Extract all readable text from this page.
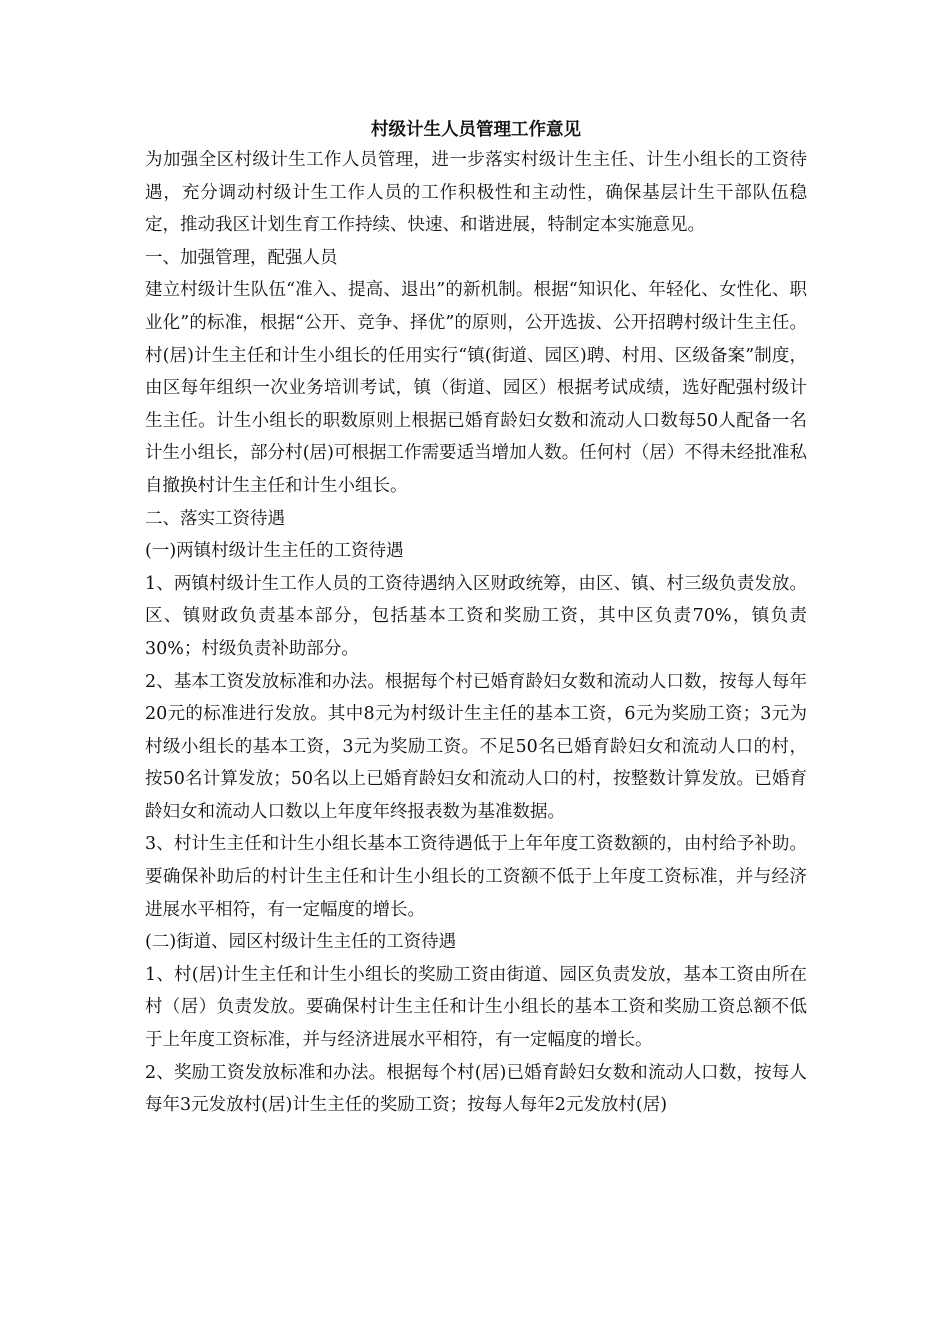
村级计生人员管理工作意见

为加强全区村级计生工作人员管理，进一步落实村级计生主任、计生小组长的工资待遇，充分调动村级计生工作人员的工作积极性和主动性，确保基层计生干部队伍稳定，推动我区计划生育工作持续、快速、和谐进展，特制定本实施意见。

一、加强管理，配强人员

建立村级计生队伍“准入、提高、退出”的新机制。根据“知识化、年轻化、女性化、职业化”的标准，根据“公开、竞争、择优”的原则，公开选拔、公开招聘村级计生主任。村(居)计生主任和计生小组长的任用实行“镇(街道、园区)聘、村用、区级备案”制度，由区每年组织一次业务培训考试，镇（街道、园区）根据考试成绩，选好配强村级计生主任。计生小组长的职数原则上根据已婚育龄妇女数和流动人口数每50人配备一名计生小组长，部分村(居)可根据工作需要适当增加人数。任何村（居）不得未经批准私自撤换村计生主任和计生小组长。

二、落实工资待遇

(一)两镇村级计生主任的工资待遇

1、两镇村级计生工作人员的工资待遇纳入区财政统筹，由区、镇、村三级负责发放。区、镇财政负责基本部分，包括基本工资和奖励工资，其中区负责70%，镇负责30%；村级负责补助部分。

2、基本工资发放标准和办法。根据每个村已婚育龄妇女数和流动人口数，按每人每年20元的标准进行发放。其中8元为村级计生主任的基本工资，6元为奖励工资；3元为村级小组长的基本工资，3元为奖励工资。不足50名已婚育龄妇女和流动人口的村，按50名计算发放；50名以上已婚育龄妇女和流动人口的村，按整数计算发放。已婚育龄妇女和流动人口数以上年度年终报表数为基准数据。

3、村计生主任和计生小组长基本工资待遇低于上年年度工资数额的，由村给予补助。要确保补助后的村计生主任和计生小组长的工资额不低于上年度工资标准，并与经济进展水平相符，有一定幅度的增长。

(二)街道、园区村级计生主任的工资待遇

1、村(居)计生主任和计生小组长的奖励工资由街道、园区负责发放，基本工资由所在村（居）负责发放。要确保村计生主任和计生小组长的基本工资和奖励工资总额不低于上年度工资标准，并与经济进展水平相符，有一定幅度的增长。

2、奖励工资发放标准和办法。根据每个村(居)已婚育龄妇女数和流动人口数，按每人每年3元发放村(居)计生主任的奖励工资；按每人每年2元发放村(居)
